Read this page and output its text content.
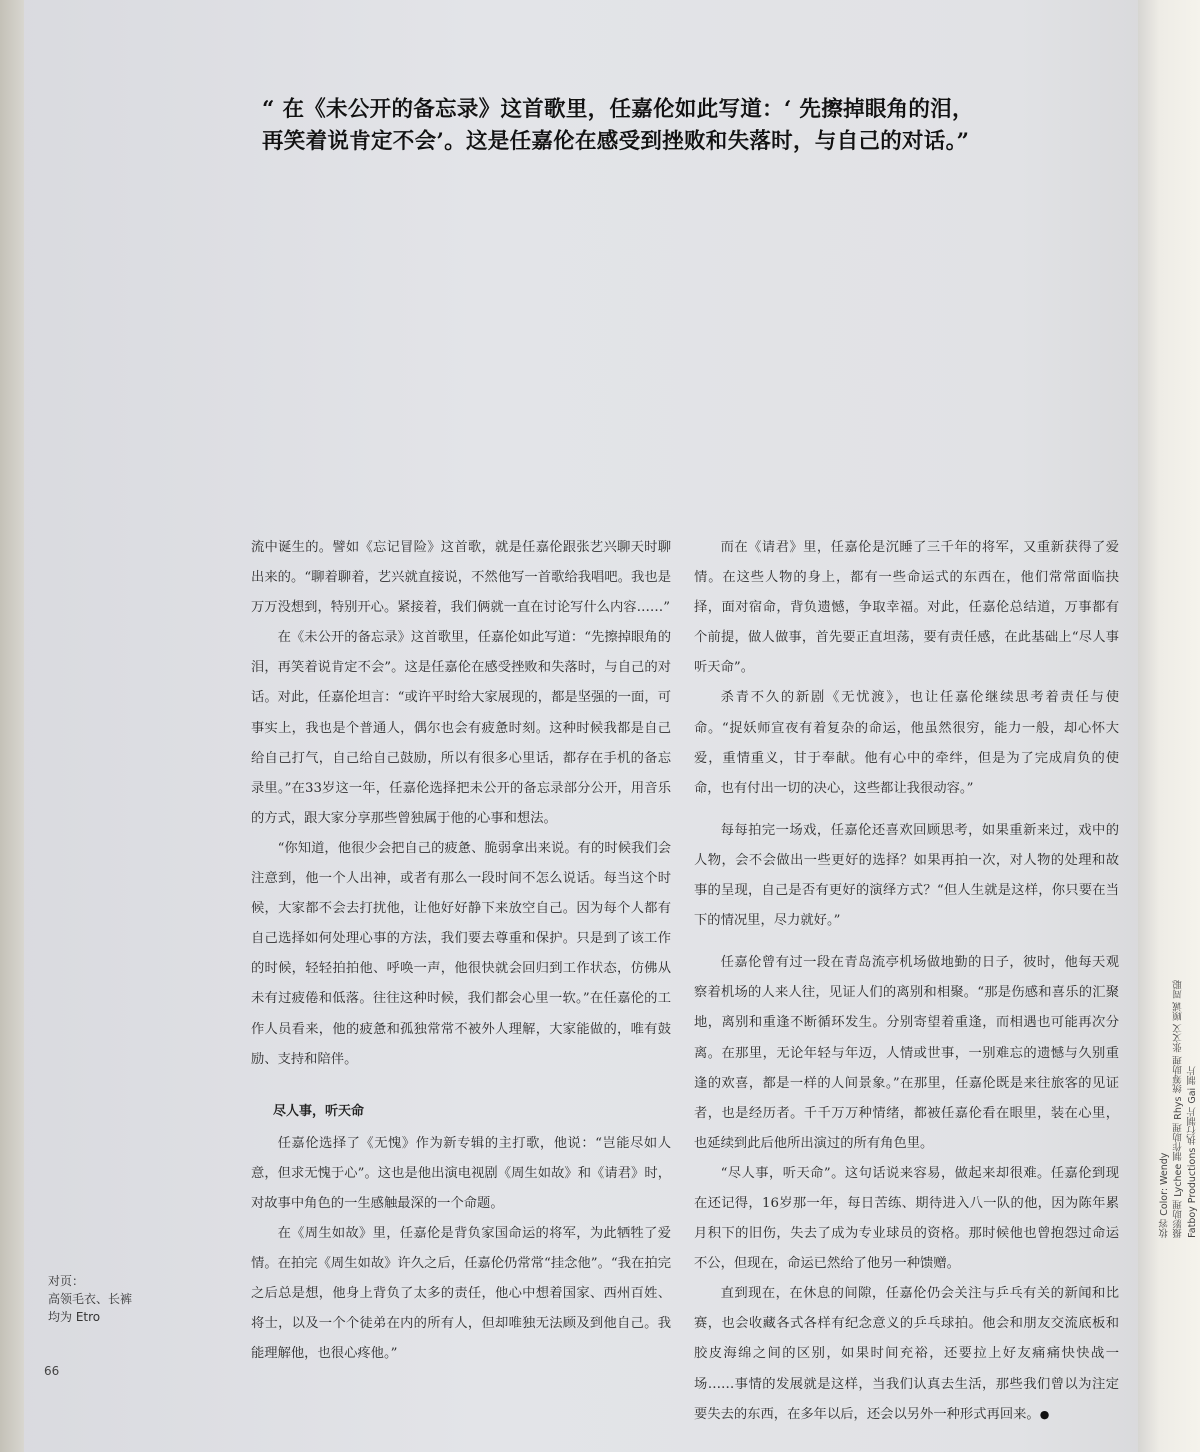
“ 在《未公开的备忘录》这首歌里，任嘉伦如此写道：‘ 先擦掉眼角的泪，
再笑着说肯定不会’。这是任嘉伦在感受到挫败和失落时，与自己的对话。”

流中诞生的。譬如《忘记冒险》这首歌，就是任嘉伦跟张艺兴聊天时聊出来的。“聊着聊着，艺兴就直接说，不然他写一首歌给我唱吧。我也是万万没想到，特别开心。紧接着，我们俩就一直在讨论写什么内容……”

在《未公开的备忘录》这首歌里，任嘉伦如此写道：“先擦掉眼角的泪，再笑着说肯定不会”。这是任嘉伦在感受挫败和失落时，与自己的对话。对此，任嘉伦坦言：“或许平时给大家展现的，都是坚强的一面，可事实上，我也是个普通人，偶尔也会有疲惫时刻。这种时候我都是自己给自己打气，自己给自己鼓励，所以有很多心里话，都存在手机的备忘录里。”在33岁这一年，任嘉伦选择把未公开的备忘录部分公开，用音乐的方式，跟大家分享那些曾独属于他的心事和想法。

“你知道，他很少会把自己的疲惫、脆弱拿出来说。有的时候我们会注意到，他一个人出神，或者有那么一段时间不怎么说话。每当这个时候，大家都不会去打扰他，让他好好静下来放空自己。因为每个人都有自己选择如何处理心事的方法，我们要去尊重和保护。只是到了该工作的时候，轻轻拍拍他、呼唤一声，他很快就会回归到工作状态，仿佛从未有过疲倦和低落。往往这种时候，我们都会心里一软。”在任嘉伦的工作人员看来，他的疲惫和孤独常常不被外人理解，大家能做的，唯有鼓励、支持和陪伴。

尽人事，听天命

任嘉伦选择了《无愧》作为新专辑的主打歌，他说：“岂能尽如人意，但求无愧于心”。这也是他出演电视剧《周生如故》和《请君》时，对故事中角色的一生感触最深的一个命题。

在《周生如故》里，任嘉伦是背负家国命运的将军，为此牺牲了爱情。在拍完《周生如故》许久之后，任嘉伦仍常常“挂念他”。“我在拍完之后总是想，他身上背负了太多的责任，他心中想着国家、西州百姓、将士，以及一个个徒弟在内的所有人，但却唯独无法顾及到他自己。我能理解他，也很心疼他。”

而在《请君》里，任嘉伦是沉睡了三千年的将军，又重新获得了爱情。在这些人物的身上，都有一些命运式的东西在，他们常常面临抉择，面对宿命，背负遗憾，争取幸福。对此，任嘉伦总结道，万事都有个前提，做人做事，首先要正直坦荡，要有责任感，在此基础上“尽人事听天命”。

杀青不久的新剧《无忧渡》，也让任嘉伦继续思考着责任与使命。“捉妖师宣夜有着复杂的命运，他虽然很穷，能力一般，却心怀大爱，重情重义，甘于奉献。他有心中的牵绊，但是为了完成肩负的使命，也有付出一切的决心，这些都让我很动容。”

每每拍完一场戏，任嘉伦还喜欢回顾思考，如果重新来过，戏中的人物，会不会做出一些更好的选择？如果再拍一次，对人物的处理和故事的呈现，自己是否有更好的演绎方式？“但人生就是这样，你只要在当下的情况里，尽力就好。”

任嘉伦曾有过一段在青岛流亭机场做地勤的日子，彼时，他每天观察着机场的人来人往，见证人们的离别和相聚。“那是伤感和喜乐的汇聚地，离别和重逢不断循环发生。分别寄望着重逢，而相遇也可能再次分离。在那里，无论年轻与年迈，人情或世事，一别难忘的遗憾与久别重逢的欢喜，都是一样的人间景象。”在那里，任嘉伦既是来往旅客的见证者，也是经历者。千千万万种情绪，都被任嘉伦看在眼里，装在心里，也延续到此后他所出演过的所有角色里。

“尽人事，听天命”。这句话说来容易，做起来却很难。任嘉伦到现在还记得，16岁那一年，每日苦练、期待进入八一队的他，因为陈年累月积下的旧伤，失去了成为专业球员的资格。那时候他也曾抱怨过命运不公，但现在，命运已然给了他另一种馈赠。

直到现在，在休息的间隙，任嘉伦仍会关注与乒乓有关的新闻和比赛，也会收藏各式各样有纪念意义的乒乓球拍。他会和朋友交流底板和胶皮海绵之间的区别，如果时间充裕，还要拉上好友痛痛快快战一场……事情的发展就是这样，当我们认真去生活，那些我们曾以为注定要失去的东西，在多年以后，还会以另外一种形式再回来。●

对页：
高领毛衣、长裤
均为 Etro
66
妆容 Color: Wendy 摄影助理 Lychee 制作助理 Rhys 统筹助理 张文文 顾诚 周聪 Fatboy Productions 执行制片 Gai 制片
